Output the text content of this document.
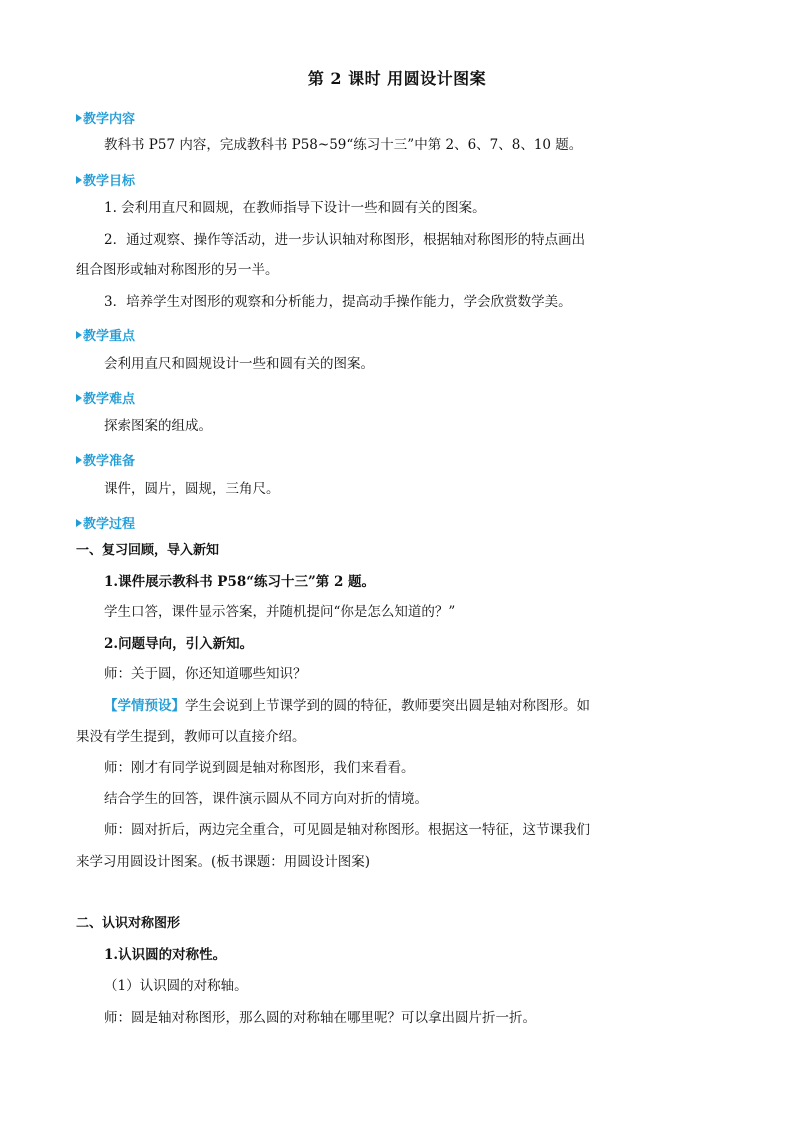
第 2 课时 用圆设计图案
教学内容
教科书 P57 内容，完成教科书 P58~59“练习十三”中第 2、6、7、8、10 题。
教学目标
1. 会利用直尺和圆规，在教师指导下设计一些和圆有关的图案。
2．通过观察、操作等活动，进一步认识轴对称图形，根据轴对称图形的特点画出
组合图形或轴对称图形的另一半。
3．培养学生对图形的观察和分析能力，提高动手操作能力，学会欣赏数学美。
教学重点
会利用直尺和圆规设计一些和圆有关的图案。
教学难点
探索图案的组成。
教学准备
课件，圆片，圆规，三角尺。
教学过程
一、复习回顾，导入新知
1.课件展示教科书 P58“练习十三”第 2 题。
学生口答，课件显示答案，并随机提问“你是怎么知道的？”
2.问题导向，引入新知。
师：关于圆，你还知道哪些知识？
【学情预设】学生会说到上节课学到的圆的特征，教师要突出圆是轴对称图形。如
果没有学生提到，教师可以直接介绍。
师：刚才有同学说到圆是轴对称图形，我们来看看。
结合学生的回答，课件演示圆从不同方向对折的情境。
师：圆对折后，两边完全重合，可见圆是轴对称图形。根据这一特征，这节课我们
来学习用圆设计图案。(板书课题：用圆设计图案)
二、认识对称图形
1.认识圆的对称性。
（1）认识圆的对称轴。
师：圆是轴对称图形，那么圆的对称轴在哪里呢？可以拿出圆片折一折。
